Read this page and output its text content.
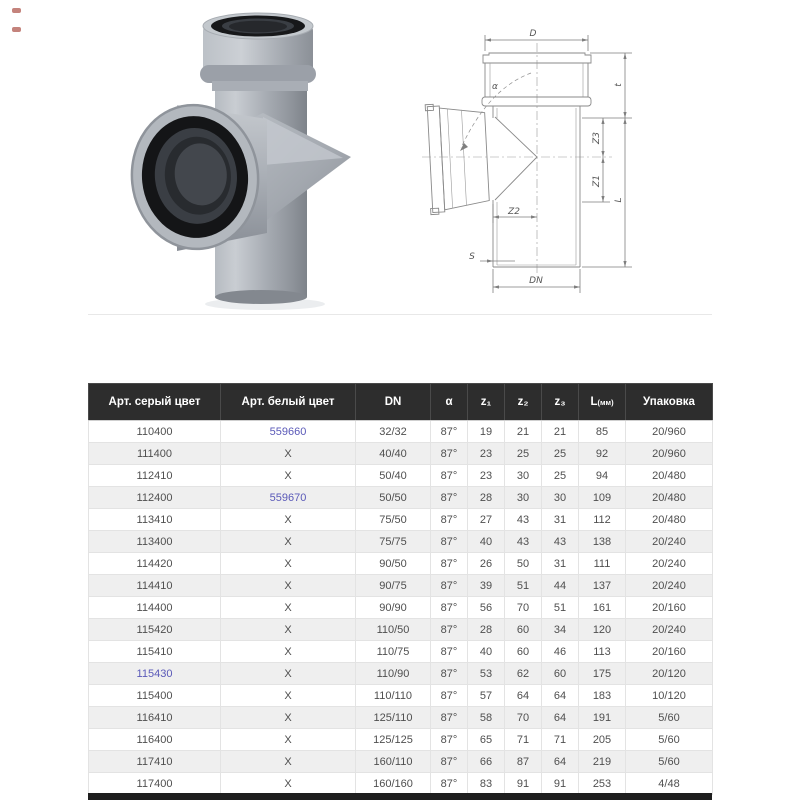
α
D
t
L
Z3
Z1
Z2
S
DN
Арт. серый цвет	Арт. белый цвет	DN	α	z₁	z₂	z₃	L(мм)	Упаковка
110400	559660	32/32	87°	19	21	21	85	20/960
111400	X	40/40	87°	23	25	25	92	20/960
112410	X	50/40	87°	23	30	25	94	20/480
112400	559670	50/50	87°	28	30	30	109	20/480
113410	X	75/50	87°	27	43	31	112	20/480
113400	X	75/75	87°	40	43	43	138	20/240
114420	X	90/50	87°	26	50	31	111	20/240
114410	X	90/75	87°	39	51	44	137	20/240
114400	X	90/90	87°	56	70	51	161	20/160
115420	X	110/50	87°	28	60	34	120	20/240
115410	X	110/75	87°	40	60	46	113	20/160
115430	X	110/90	87°	53	62	60	175	20/120
115400	X	110/110	87°	57	64	64	183	10/120
116410	X	125/110	87°	58	70	64	191	5/60
116400	X	125/125	87°	65	71	71	205	5/60
117410	X	160/110	87°	66	87	64	219	5/60
117400	X	160/160	87°	83	91	91	253	4/48
